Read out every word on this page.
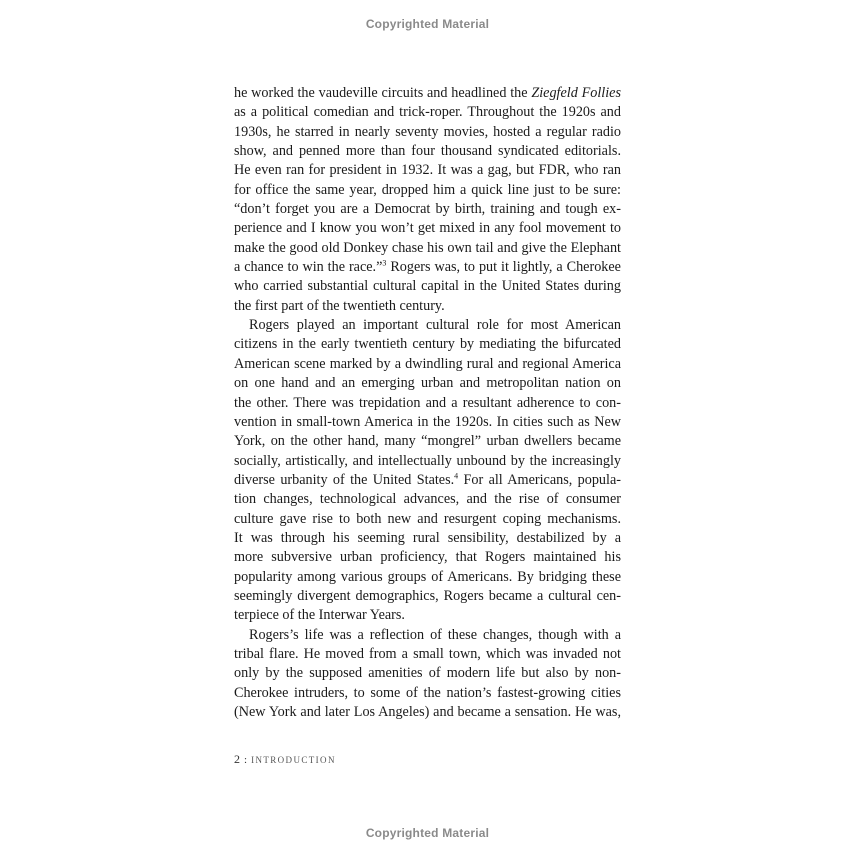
Copyrighted Material
he worked the vaudeville circuits and headlined the Ziegfeld Follies
as a political comedian and trick-roper. Throughout the 1920s and
1930s, he starred in nearly seventy movies, hosted a regular radio
show, and penned more than four thousand syndicated editorials.
He even ran for president in 1932. It was a gag, but FDR, who ran
for office the same year, dropped him a quick line just to be sure:
“don’t forget you are a Democrat by birth, training and tough ex-
perience and I know you won’t get mixed in any fool movement to
make the good old Donkey chase his own tail and give the Elephant
a chance to win the race.”$^3$ Rogers was, to put it lightly, a Cherokee
who carried substantial cultural capital in the United States during
the first part of the twentieth century.
Rogers played an important cultural role for most American
citizens in the early twentieth century by mediating the bifurcated
American scene marked by a dwindling rural and regional America
on one hand and an emerging urban and metropolitan nation on
the other. There was trepidation and a resultant adherence to con-
vention in small-town America in the 1920s. In cities such as New
York, on the other hand, many “mongrel” urban dwellers became
socially, artistically, and intellectually unbound by the increasingly
diverse urbanity of the United States.$^4$ For all Americans, popula-
tion changes, technological advances, and the rise of consumer
culture gave rise to both new and resurgent coping mechanisms.
It was through his seeming rural sensibility, destabilized by a
more subversive urban proficiency, that Rogers maintained his
popularity among various groups of Americans. By bridging these
seemingly divergent demographics, Rogers became a cultural cen-
terpiece of the Interwar Years.
Rogers’s life was a reflection of these changes, though with a
tribal flare. He moved from a small town, which was invaded not
only by the supposed amenities of modern life but also by non-
Cherokee intruders, to some of the nation’s fastest-growing cities
(New York and later Los Angeles) and became a sensation. He was,
2 : INTRODUCTION
Copyrighted Material
